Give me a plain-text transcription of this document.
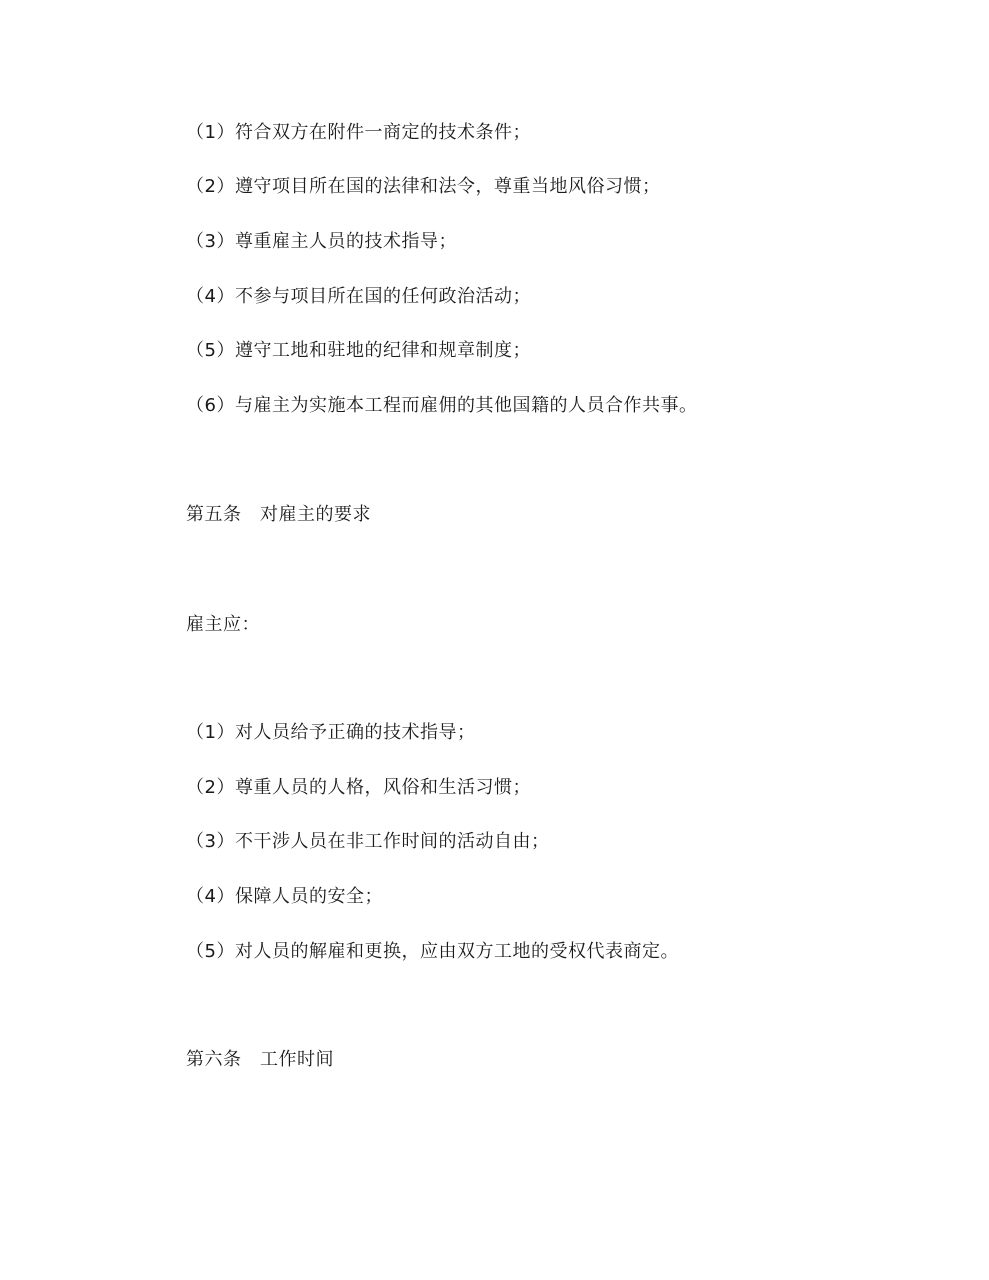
（1）符合双方在附件一商定的技术条件；
（2）遵守项目所在国的法律和法令，尊重当地风俗习惯；
（3）尊重雇主人员的技术指导；
（4）不参与项目所在国的任何政治活动；
（5）遵守工地和驻地的纪律和规章制度；
（6）与雇主为实施本工程而雇佣的其他国籍的人员合作共事。
第五条　对雇主的要求
雇主应：
（1）对人员给予正确的技术指导；
（2）尊重人员的人格，风俗和生活习惯；
（3）不干涉人员在非工作时间的活动自由；
（4）保障人员的安全；
（5）对人员的解雇和更换，应由双方工地的受权代表商定。
第六条　工作时间
